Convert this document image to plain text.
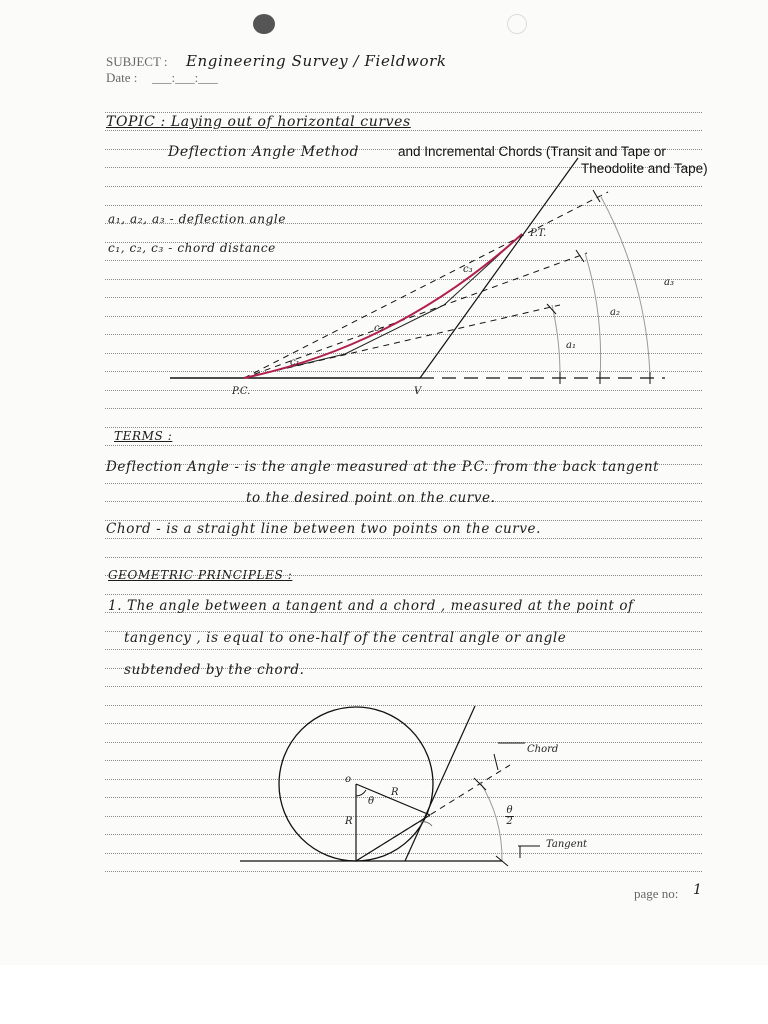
SUBJECT : Engineering Survey / Fieldwork
Date : ___:___:___
TOPIC : Laying out of horizontal curves
Deflection Angle Method	and Incremental Chords (Transit and Tape or
Theodolite and Tape)
a₁, a₂, a₃ - deflection angle
c₁, c₂, c₃ - chord distance
P.C.	V
P.T.
c₁
c₂
c₃
a₁
a₂
a₃
TERMS :
Deflection Angle - is the angle measured at the P.C. from the back tangent
to the desired point on the curve.
Chord - is a straight line between two points on the curve.
GEOMETRIC PRINCIPLES :
1. The angle between a tangent and a chord , measured at the point of
tangency , is equal to one-half of the central angle or angle
subtended by the chord.
o
R
R
θ
θ
2
Chord
Tangent
page no: 1
